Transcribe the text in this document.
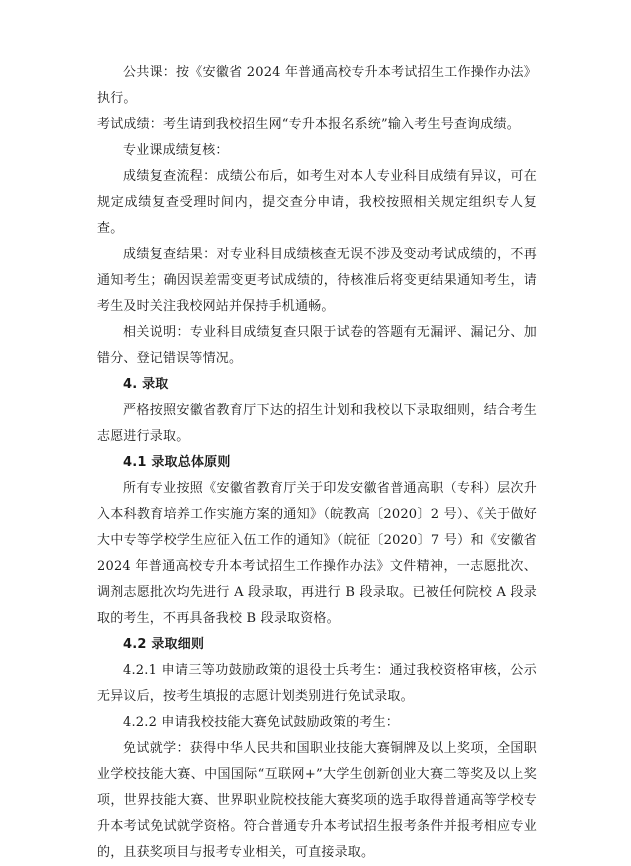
公共课：按《安徽省 2024 年普通高校专升本考试招生工作操作办法》执行。

考试成绩：考生请到我校招生网“专升本报名系统”输入考生号查询成绩。

专业课成绩复核：

成绩复查流程：成绩公布后，如考生对本人专业科目成绩有异议，可在规定成绩复查受理时间内，提交查分申请，我校按照相关规定组织专人复查。

成绩复查结果：对专业科目成绩核查无误不涉及变动考试成绩的，不再通知考生；确因误差需变更考试成绩的，待核准后将变更结果通知考生，请考生及时关注我校网站并保持手机通畅。

相关说明：专业科目成绩复查只限于试卷的答题有无漏评、漏记分、加错分、登记错误等情况。

4. 录取

严格按照安徽省教育厅下达的招生计划和我校以下录取细则，结合考生志愿进行录取。

4.1 录取总体原则

所有专业按照《安徽省教育厅关于印发安徽省普通高职（专科）层次升入本科教育培养工作实施方案的通知》（皖教高〔2020〕2 号）、《关于做好大中专等学校学生应征入伍工作的通知》（皖征〔2020〕7 号）和《安徽省 2024 年普通高校专升本考试招生工作操作办法》文件精神，一志愿批次、调剂志愿批次均先进行 A 段录取，再进行 B 段录取。已被任何院校 A 段录取的考生，不再具备我校 B 段录取资格。

4.2 录取细则

4.2.1 申请三等功鼓励政策的退役士兵考生：通过我校资格审核，公示无异议后，按考生填报的志愿计划类别进行免试录取。

4.2.2 申请我校技能大赛免试鼓励政策的考生：

免试就学：获得中华人民共和国职业技能大赛铜牌及以上奖项，全国职业学校技能大赛、中国国际“互联网+”大学生创新创业大赛二等奖及以上奖项，世界技能大赛、世界职业院校技能大赛奖项的选手取得普通高等学校专升本考试免试就学资格。符合普通专升本考试招生报考条件并报考相应专业的，且获奖项目与报考专业相关，可直接录取。
